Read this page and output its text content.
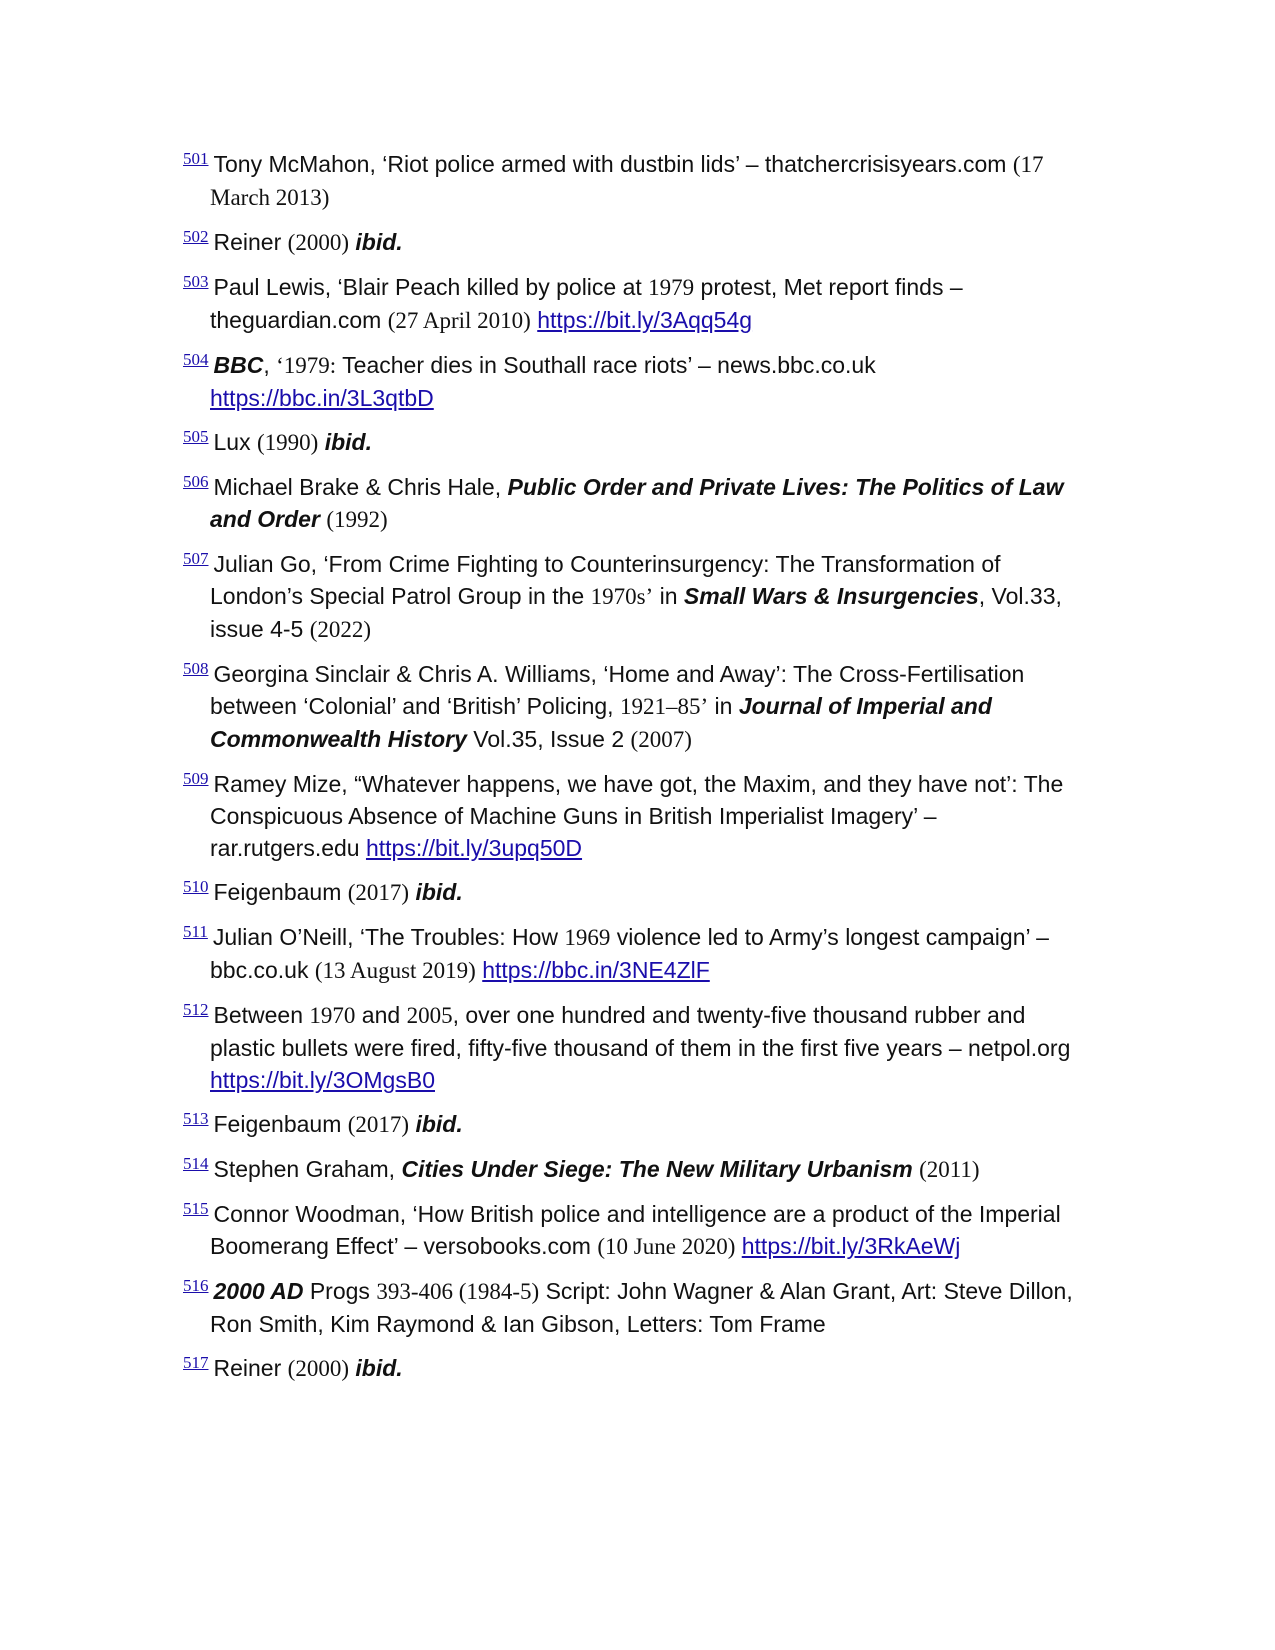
$^{501}$ Tony McMahon, ‘Riot police armed with dustbin lids’ – thatchercrisisyears.com (17 March 2013)
$^{502}$ Reiner (2000) ibid.
$^{503}$ Paul Lewis, ‘Blair Peach killed by police at 1979 protest, Met report finds – theguardian.com (27 April 2010) https://bit.ly/3Aqq54g
$^{504}$ BBC, ‘1979: Teacher dies in Southall race riots’ – news.bbc.co.uk https://bbc.in/3L3qtbD
$^{505}$ Lux (1990) ibid.
$^{506}$ Michael Brake & Chris Hale, Public Order and Private Lives: The Politics of Law and Order (1992)
$^{507}$ Julian Go, ‘From Crime Fighting to Counterinsurgency: The Transformation of London’s Special Patrol Group in the 1970s’ in Small Wars & Insurgencies, Vol.33, issue 4-5 (2022)
$^{508}$ Georgina Sinclair & Chris A. Williams, ‘Home and Away’: The Cross-Fertilisation between ‘Colonial’ and ‘British’ Policing, 1921–85’ in Journal of Imperial and Commonwealth History Vol.35, Issue 2 (2007)
$^{509}$ Ramey Mize, “Whatever happens, we have got, the Maxim, and they have not’: The Conspicuous Absence of Machine Guns in British Imperialist Imagery’ – rar.rutgers.edu https://bit.ly/3upq50D
$^{510}$ Feigenbaum (2017) ibid.
$^{511}$ Julian O’Neill, ‘The Troubles: How 1969 violence led to Army’s longest campaign’ – bbc.co.uk (13 August 2019) https://bbc.in/3NE4ZlF
$^{512}$ Between 1970 and 2005, over one hundred and twenty-five thousand rubber and plastic bullets were fired, fifty-five thousand of them in the first five years – netpol.org https://bit.ly/3OMgsB0
$^{513}$ Feigenbaum (2017) ibid.
$^{514}$ Stephen Graham, Cities Under Siege: The New Military Urbanism (2011)
$^{515}$ Connor Woodman, ‘How British police and intelligence are a product of the Imperial Boomerang Effect’ – versobooks.com (10 June 2020) https://bit.ly/3RkAeWj
$^{516}$ 2000 AD Progs 393-406 (1984-5) Script: John Wagner & Alan Grant, Art: Steve Dillon, Ron Smith, Kim Raymond & Ian Gibson, Letters: Tom Frame
$^{517}$ Reiner (2000) ibid.
